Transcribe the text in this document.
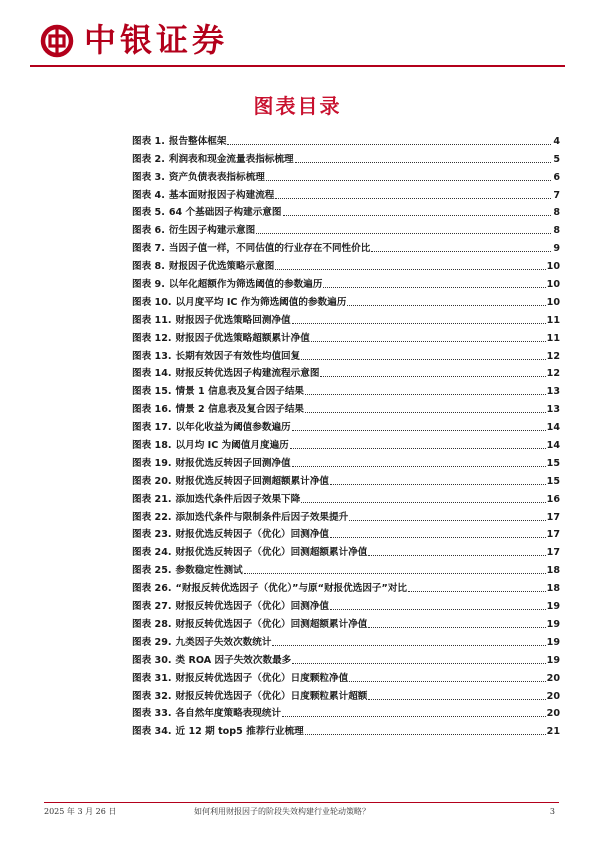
中银证券
图表目录
图表 1. 报告整体框架	4
图表 2. 利润表和现金流量表指标梳理	5
图表 3. 资产负债表表指标梳理	6
图表 4. 基本面财报因子构建流程	7
图表 5. 64 个基础因子构建示意图	8
图表 6. 衍生因子构建示意图	8
图表 7. 当因子值一样，不同估值的行业存在不同性价比	9
图表 8. 财报因子优选策略示意图	10
图表 9. 以年化超额作为筛选阈值的参数遍历	10
图表 10. 以月度平均 IC 作为筛选阈值的参数遍历	10
图表 11. 财报因子优选策略回测净值	11
图表 12. 财报因子优选策略超额累计净值	11
图表 13. 长期有效因子有效性均值回复	12
图表 14. 财报反转优选因子构建流程示意图	12
图表 15. 情景 1 信息表及复合因子结果	13
图表 16. 情景 2 信息表及复合因子结果	13
图表 17. 以年化收益为阈值参数遍历	14
图表 18. 以月均 IC 为阈值月度遍历	14
图表 19. 财报优选反转因子回测净值	15
图表 20. 财报优选反转因子回测超额累计净值	15
图表 21. 添加迭代条件后因子效果下降	16
图表 22. 添加迭代条件与限制条件后因子效果提升	17
图表 23. 财报优选反转因子（优化）回测净值	17
图表 24. 财报优选反转因子（优化）回测超额累计净值	17
图表 25. 参数稳定性测试	18
图表 26. “财报反转优选因子（优化）”与原“财报优选因子”对比	18
图表 27. 财报反转优选因子（优化）回测净值	19
图表 28. 财报反转优选因子（优化）回测超额累计净值	19
图表 29. 九类因子失效次数统计	19
图表 30. 类 ROA 因子失效次数最多	19
图表 31. 财报反转优选因子（优化）日度颗粒净值	20
图表 32. 财报反转优选因子（优化）日度颗粒累计超额	20
图表 33. 各自然年度策略表现统计	20
图表 34. 近 12 期 top5 推荐行业梳理	21
2025 年 3 月 26 日	如何利用财报因子的阶段失效构建行业轮动策略？	3
